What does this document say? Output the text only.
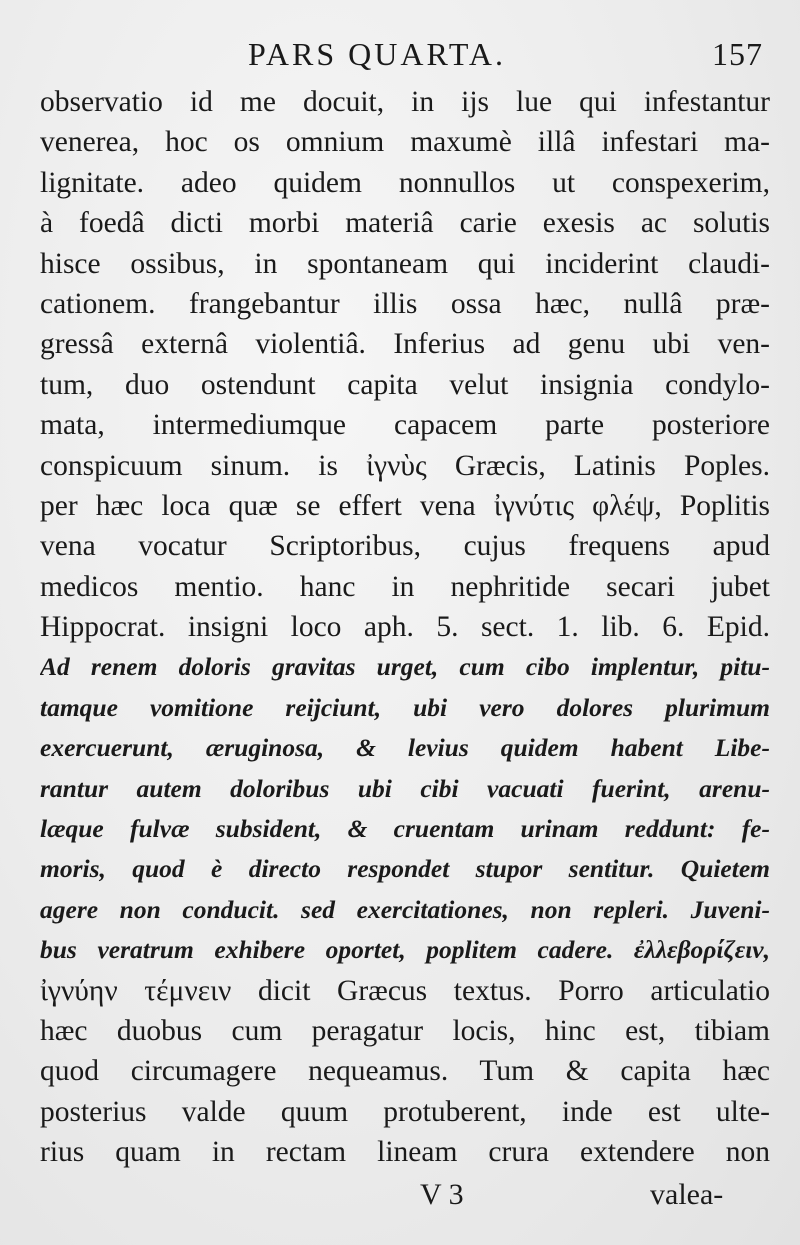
PARS QUARTA.	157
observatio id me docuit, in ijs lue qui infestantur
venerea, hoc os omnium maxumè illâ infestari ma-
lignitate. adeo quidem nonnullos ut conspexerim,
à foedâ dicti morbi materiâ carie exesis ac solutis
hisce ossibus, in spontaneam qui inciderint claudi-
cationem. frangebantur illis ossa hæc, nullâ præ-
gressâ externâ violentiâ. Inferius ad genu ubi ven-
tum, duo ostendunt capita velut insignia condylo-
mata, intermediumque capacem parte posteriore
conspicuum sinum. is ἰγνὺς Græcis, Latinis Poples.
per hæc loca quæ se effert vena ἰγνύτις φλέψ, Poplitis
vena vocatur Scriptoribus, cujus frequens apud
medicos mentio. hanc in nephritide secari jubet
Hippocrat. insigni loco aph. 5. sect. 1. lib. 6. Epid.
Ad renem doloris gravitas urget, cum cibo implentur, pitu-
tamque vomitione reijciunt, ubi vero dolores plurimum
exercuerunt, æruginosa, & levius quidem habent Libe-
rantur autem doloribus ubi cibi vacuati fuerint, arenu-
læque fulvæ subsident, & cruentam urinam reddunt: fe-
moris, quod è directo respondet stupor sentitur. Quietem
agere non conducit. sed exercitationes, non repleri. Juveni-
bus veratrum exhibere oportet, poplitem cadere. ἐλλεβορίζειν,
ἰγνύην τέμνειν dicit Græcus textus. Porro articulatio
hæc duobus cum peragatur locis, hinc est, tibiam
quod circumagere nequeamus. Tum & capita hæc
posterius valde quum protuberent, inde est ulte-
rius quam in rectam lineam crura extendere non
V 3	valea-
